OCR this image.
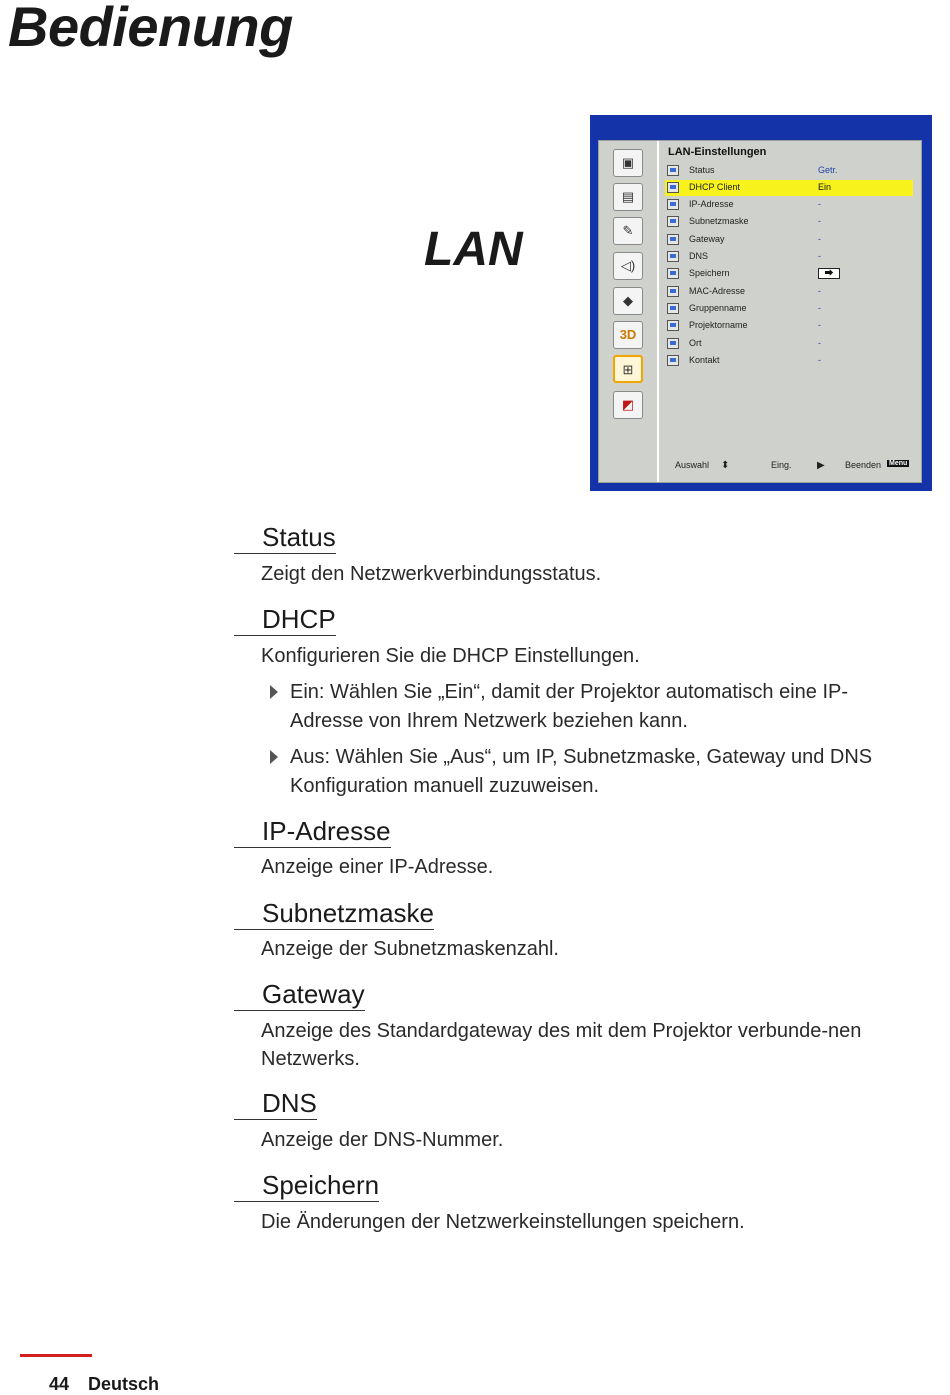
Bedienung
LAN
▣
▤
✎
◁)
◆
3D
⊞
◩
LAN-Einstellungen
Status	Getr.
DHCP Client	Ein
IP-Adresse	-
Subnetzmaske	-
Gateway	-
DNS	-
Speichern	⮕
MAC-Adresse	-
Gruppenname	-
Projektorname	-
Ort	-
Kontakt	-
Auswahl ⬍	Eing.	▶ Beenden Menu
Status

Zeigt den Netzwerkverbindungsstatus.

DHCP

Konfigurieren Sie die DHCP Einstellungen.

Ein: Wählen Sie „Ein“, damit der Projektor automatisch eine IP-Adresse von Ihrem Netzwerk beziehen kann.
Aus: Wählen Sie „Aus“, um IP, Subnetzmaske, Gateway und DNS Konfiguration manuell zuzuweisen.
IP-Adresse

Anzeige einer IP-Adresse.

Subnetzmaske

Anzeige der Subnetzmaskenzahl.

Gateway

Anzeige des Standardgateway des mit dem Projektor verbunde-nen Netzwerks.

DNS

Anzeige der DNS-Nummer.

Speichern

Die Änderungen der Netzwerkeinstellungen speichern.

44 Deutsch
